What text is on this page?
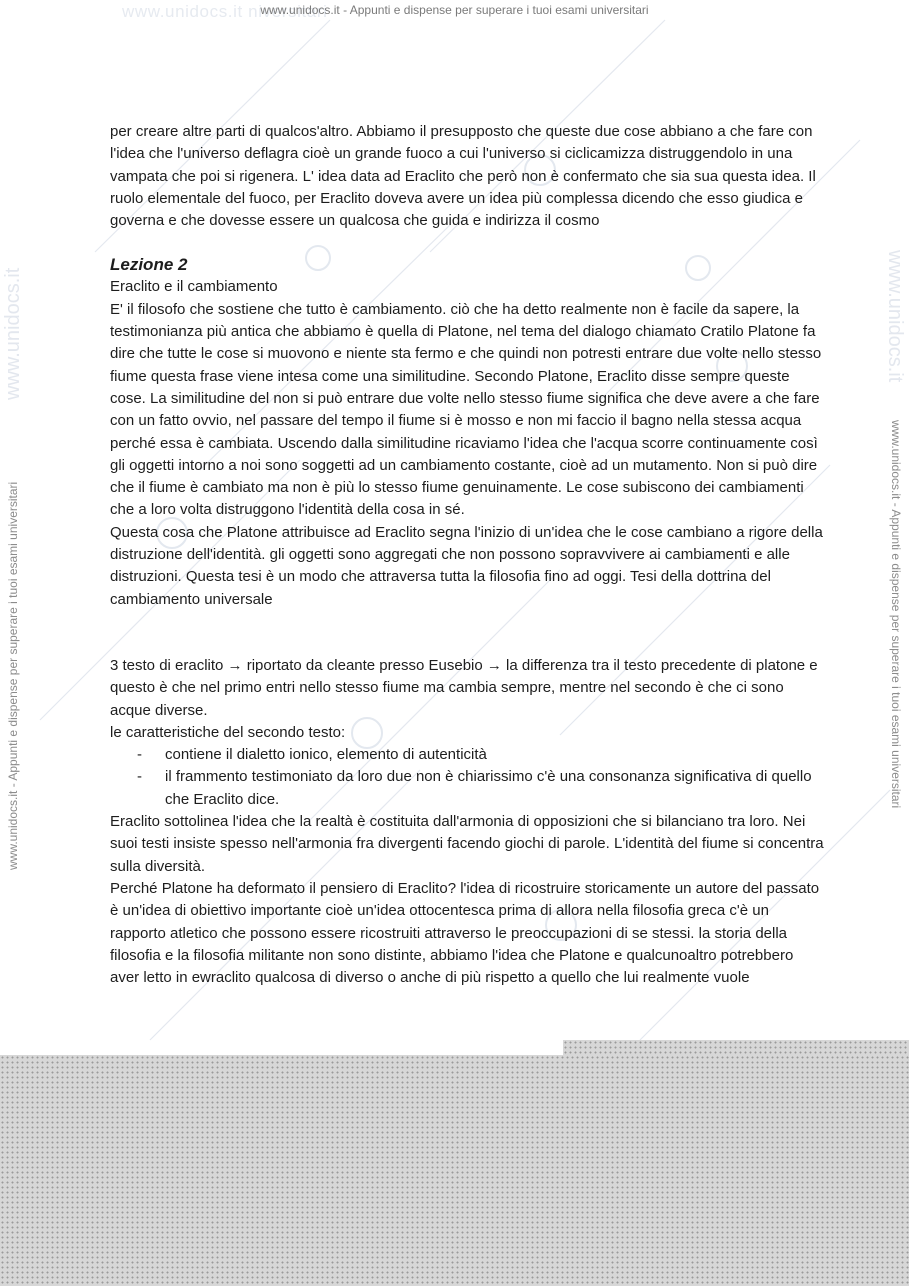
www.unidocs.it niversitari
www.unidocs.it - Appunti e dispense per superare i tuoi esami universitari
www.unidocs.it	www.unidocs.it
www.unidocs.it - Appunti e dispense per superare i tuoi esami universitari	www.unidocs.it - Appunti e dispense per superare i tuoi esami universitari

per creare altre parti di qualcos'altro. Abbiamo il presupposto che queste due cose abbiano a che fare con l'idea che l'universo deflagra cioè un grande fuoco a cui l'universo si ciclicamizza distruggendolo in una vampata che poi si rigenera. L' idea data ad Eraclito che però non è confermato che sia sua questa idea. Il ruolo elementale del fuoco, per Eraclito doveva avere un idea più complessa dicendo che esso giudica e governa e che dovesse essere un qualcosa che guida e indirizza il cosmo

Lezione 2

Eraclito e il cambiamento

E' il filosofo che sostiene che tutto è cambiamento. ciò che ha detto realmente non è facile da sapere, la testimonianza più antica che abbiamo è quella di Platone, nel tema del dialogo chiamato Cratilo Platone fa dire che tutte le cose si muovono e niente sta fermo e che quindi non potresti entrare due volte nello stesso fiume questa frase viene intesa come una similitudine. Secondo Platone, Eraclito disse sempre queste cose. La similitudine del non si può entrare due volte nello stesso fiume significa che deve avere a che fare con un fatto ovvio, nel passare del tempo il fiume si è mosso e non mi faccio il bagno nella stessa acqua perché essa è cambiata. Uscendo dalla similitudine ricaviamo l'idea che l'acqua scorre continuamente così gli oggetti intorno a noi sono soggetti ad un cambiamento costante, cioè ad un mutamento. Non si può dire che il fiume è cambiato ma non è più lo stesso fiume genuinamente. Le cose subiscono dei cambiamenti che a loro volta distruggono l'identità della cosa in sé.

Questa cosa che Platone attribuisce ad Eraclito segna l'inizio di un'idea che le cose cambiano a rigore della distruzione dell'identità. gli oggetti sono aggregati che non possono sopravvivere ai cambiamenti e alle distruzioni. Questa tesi è un modo che attraversa tutta la filosofia fino ad oggi. Tesi della dottrina del cambiamento universale

3 testo di eraclito → riportato da cleante presso Eusebio → la differenza tra il testo precedente di platone e questo è che nel primo entri nello stesso fiume ma cambia sempre, mentre nel secondo è che ci sono acque diverse.

le caratteristiche del secondo testo:

- contiene il dialetto ionico, elemento di autenticità
- il frammento testimoniato da loro due non è chiarissimo c'è una consonanza significativa di quello che Eraclito dice.

Eraclito sottolinea l'idea che la realtà è costituita dall'armonia di opposizioni che si bilanciano tra loro. Nei suoi testi insiste spesso nell'armonia fra divergenti facendo giochi di parole. L'identità del fiume si concentra sulla diversità.

Perché Platone ha deformato il pensiero di Eraclito? l'idea di ricostruire storicamente un autore del passato è un'idea di obiettivo importante cioè un'idea ottocentesca prima di allora nella filosofia greca c'è un rapporto atletico che possono essere ricostruiti attraverso le preoccupazioni di se stessi. la storia della filosofia e la filosofia militante non sono distinte, abbiamo l'idea che Platone e qualcunoaltro potrebbero aver letto in ewraclito qualcosa di diverso o anche di più rispetto a quello che lui realmente vuole
